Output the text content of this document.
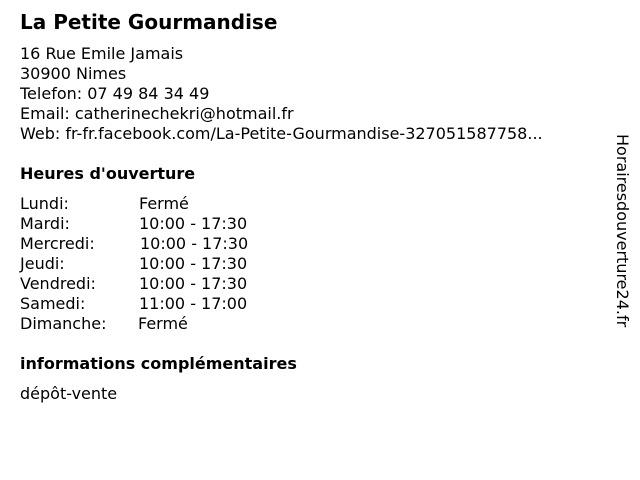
La Petite Gourmandise
16 Rue Emile Jamais
30900 Nimes
Telefon: 07 49 84 34 49
Email: catherinechekri@hotmail.fr
Web: fr-fr.facebook.com/La-Petite-Gourmandise-327051587758...
Heures d'ouverture
Lundi:	Fermé
Mardi:	10:00 - 17:30
Mercredi:	10:00 - 17:30
Jeudi:	10:00 - 17:30
Vendredi:	10:00 - 17:30
Samedi:	11:00 - 17:00
Dimanche: Fermé
informations complémentaires
dépôt-vente
Horairesdouverture24.fr
